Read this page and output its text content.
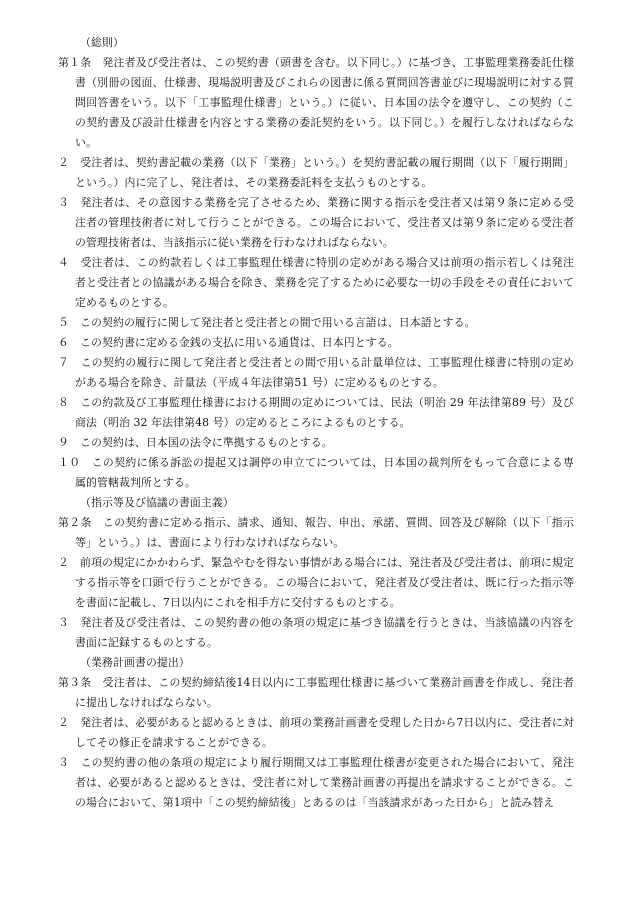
（総則）
第１条　発注者及び受注者は、この契約書（頭書を含む。以下同じ。）に基づき、工事監理業務委託仕様書（別冊の図面、仕様書、現場説明書及びこれらの図書に係る質問回答書並びに現場説明に対する質問回答書をいう。以下「工事監理仕様書」という。）に従い、日本国の法令を遵守し、この契約（この契約書及び設計仕様書を内容とする業務の委託契約をいう。以下同じ。）を履行しなければならない。
２　受注者は、契約書記載の業務（以下「業務」という。）を契約書記載の履行期間（以下「履行期間」という。）内に完了し、発注者は、その業務委託料を支払うものとする。
３　発注者は、その意図する業務を完了させるため、業務に関する指示を受注者又は第９条に定める受注者の管理技術者に対して行うことができる。この場合において、受注者又は第９条に定める受注者の管理技術者は、当該指示に従い業務を行わなければならない。
４　受注者は、この約款若しくは工事監理仕様書に特別の定めがある場合又は前項の指示若しくは発注者と受注者との協議がある場合を除き、業務を完了するために必要な一切の手段をその責任において定めるものとする。
５　この契約の履行に関して発注者と受注者との間で用いる言語は、日本語とする。
６　この契約書に定める金銭の支払に用いる通貨は、日本円とする。
７　この契約の履行に関して発注者と受注者との間で用いる計量単位は、工事監理仕様書に特別の定めがある場合を除き、計量法（平成４年法律第51 号）に定めるものとする。
８　この約款及び工事監理仕様書における期間の定めについては、民法（明治 29 年法律第89 号）及び商法（明治 32 年法律第48 号）の定めるところによるものとする。
９　この契約は、日本国の法令に準拠するものとする。
１０　この契約に係る訴訟の提起又は調停の申立てについては、日本国の裁判所をもって合意による専属的管轄裁判所とする。
（指示等及び協議の書面主義）
第２条　この契約書に定める指示、請求、通知、報告、申出、承諾、質問、回答及び解除（以下「指示等」という。）は、書面により行わなければならない。
２　前項の規定にかかわらず、緊急やむを得ない事情がある場合には、発注者及び受注者は、前項に規定する指示等を口頭で行うことができる。この場合において、発注者及び受注者は、既に行った指示等を書面に記載し、7日以内にこれを相手方に交付するものとする。
３　発注者及び受注者は、この契約書の他の条項の規定に基づき協議を行うときは、当該協議の内容を書面に記録するものとする。
（業務計画書の提出）
第３条　受注者は、この契約締結後14日以内に工事監理仕様書に基づいて業務計画書を作成し、発注者に提出しなければならない。
２　発注者は、必要があると認めるときは、前項の業務計画書を受理した日から7日以内に、受注者に対してその修正を請求することができる。
３　この契約書の他の条項の規定により履行期間又は工事監理仕様書が変更された場合において、発注者は、必要があると認めるときは、受注者に対して業務計画書の再提出を請求することができる。この場合において、第1項中「この契約締結後」とあるのは「当該請求があった日から」と読み替え
